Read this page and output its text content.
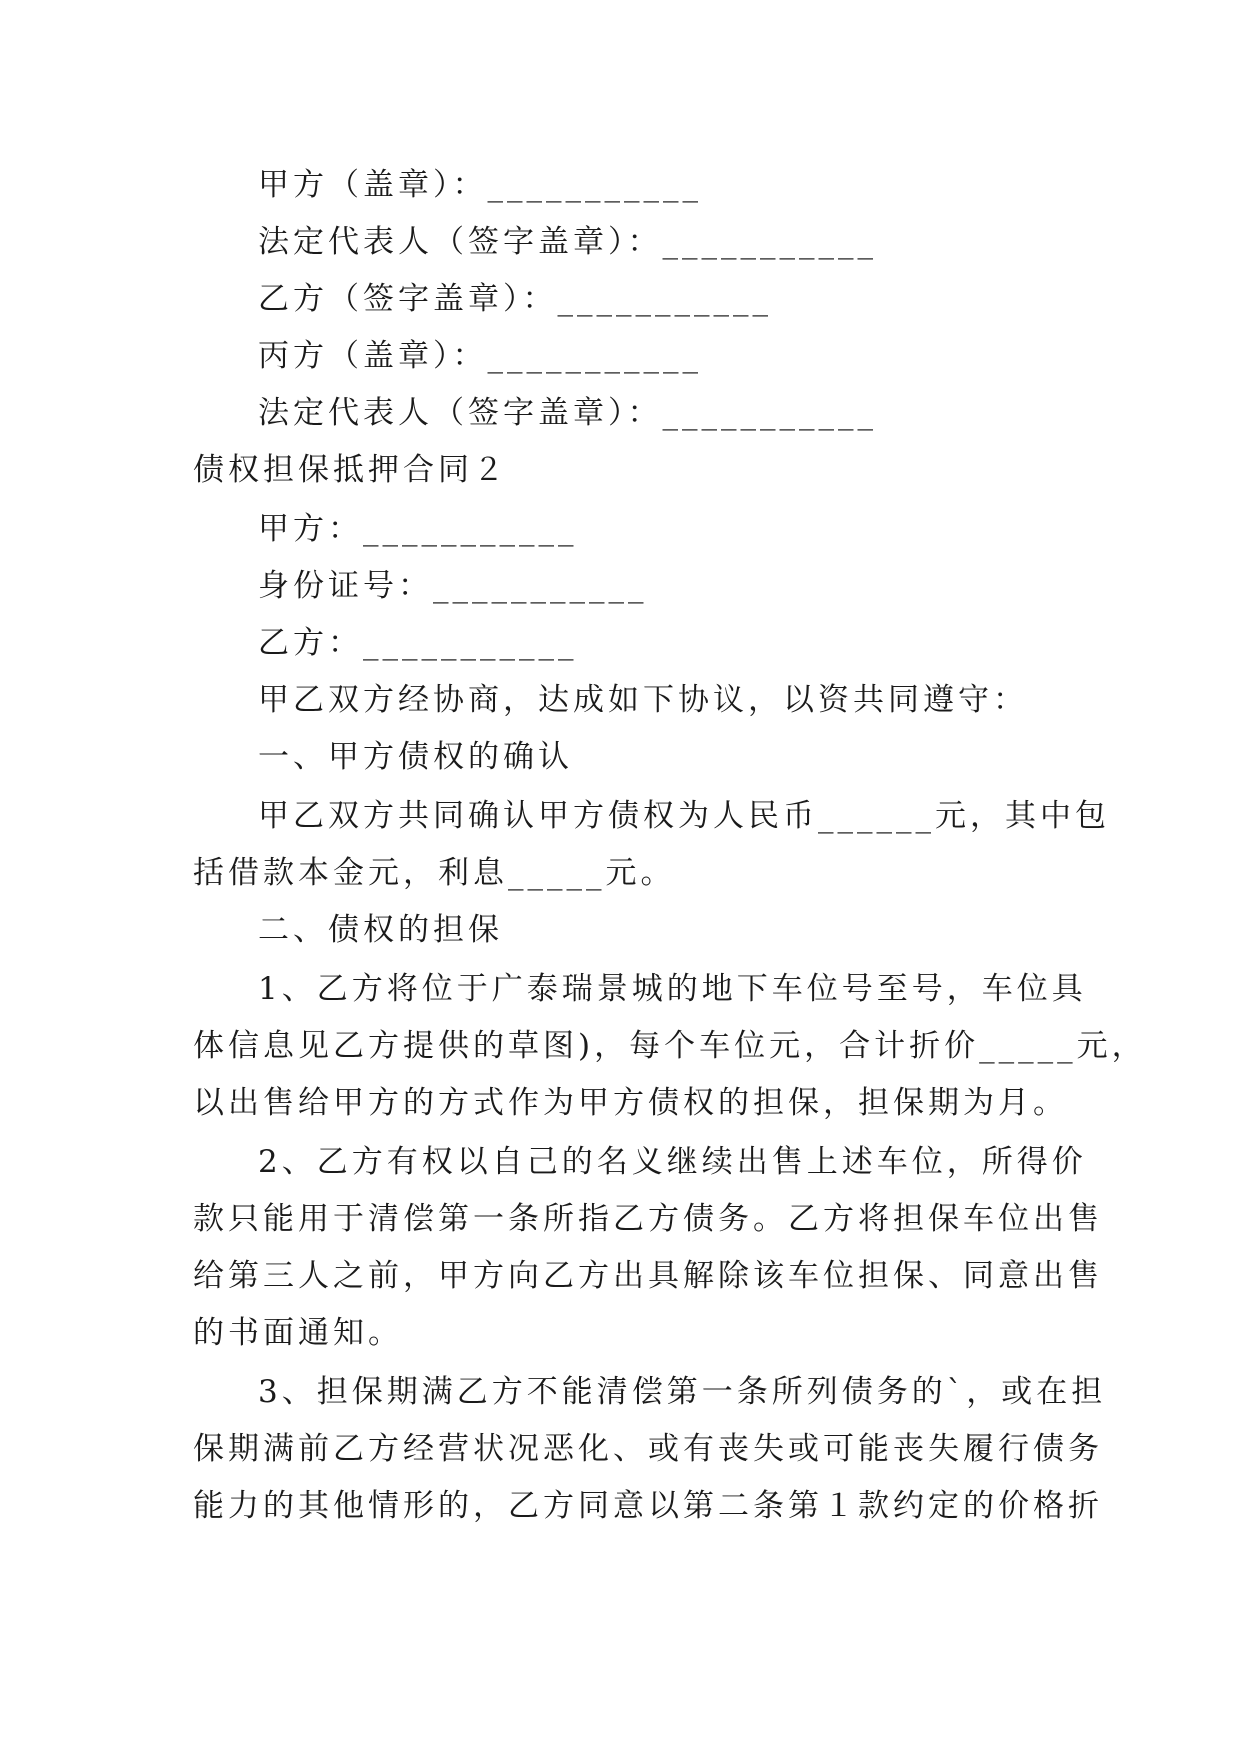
甲方（盖章）：___________
法定代表人（签字盖章）：___________
乙方（签字盖章）：___________
丙方（盖章）：___________
法定代表人（签字盖章）：___________
债权担保抵押合同２
甲方：___________
身份证号：___________
乙方：___________
甲乙双方经协商，达成如下协议，以资共同遵守：
一、甲方债权的确认
甲乙双方共同确认甲方债权为人民币______元，其中包
括借款本金元，利息_____元。
二、债权的担保
1、乙方将位于广泰瑞景城的地下车位号至号，车位具
体信息见乙方提供的草图)，每个车位元，合计折价_____元，
以出售给甲方的方式作为甲方债权的担保，担保期为月。
2、乙方有权以自己的名义继续出售上述车位，所得价
款只能用于清偿第一条所指乙方债务。乙方将担保车位出售
给第三人之前，甲方向乙方出具解除该车位担保、同意出售
的书面通知。
3、担保期满乙方不能清偿第一条所列债务的`，或在担
保期满前乙方经营状况恶化、或有丧失或可能丧失履行债务
能力的其他情形的，乙方同意以第二条第１款约定的价格折
